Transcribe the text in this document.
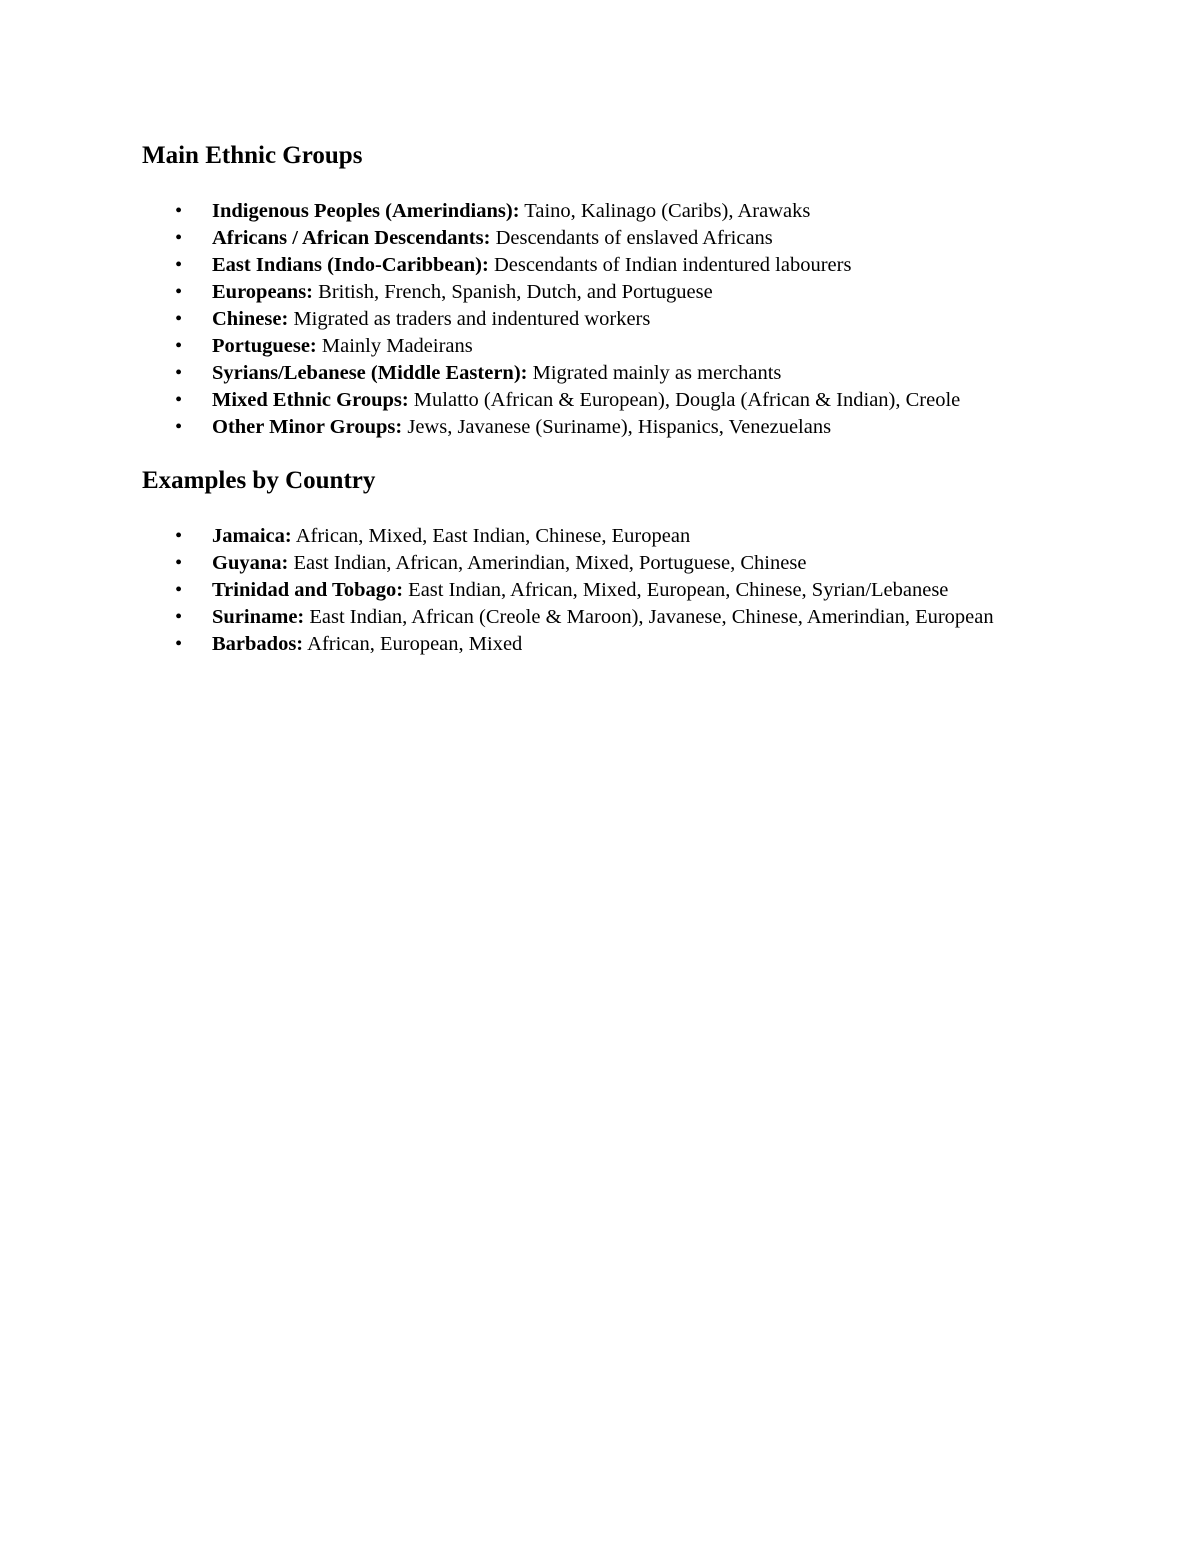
Main Ethnic Groups
• Indigenous Peoples (Amerindians): Taino, Kalinago (Caribs), Arawaks
• Africans / African Descendants: Descendants of enslaved Africans
• East Indians (Indo-Caribbean): Descendants of Indian indentured labourers
• Europeans: British, French, Spanish, Dutch, and Portuguese
• Chinese: Migrated as traders and indentured workers
• Portuguese: Mainly Madeirans
• Syrians/Lebanese (Middle Eastern): Migrated mainly as merchants
• Mixed Ethnic Groups: Mulatto (African & European), Dougla (African & Indian), Creole
• Other Minor Groups: Jews, Javanese (Suriname), Hispanics, Venezuelans
Examples by Country
• Jamaica: African, Mixed, East Indian, Chinese, European
• Guyana: East Indian, African, Amerindian, Mixed, Portuguese, Chinese
• Trinidad and Tobago: East Indian, African, Mixed, European, Chinese, Syrian/Lebanese
• Suriname: East Indian, African (Creole & Maroon), Javanese, Chinese, Amerindian, European
• Barbados: African, European, Mixed
